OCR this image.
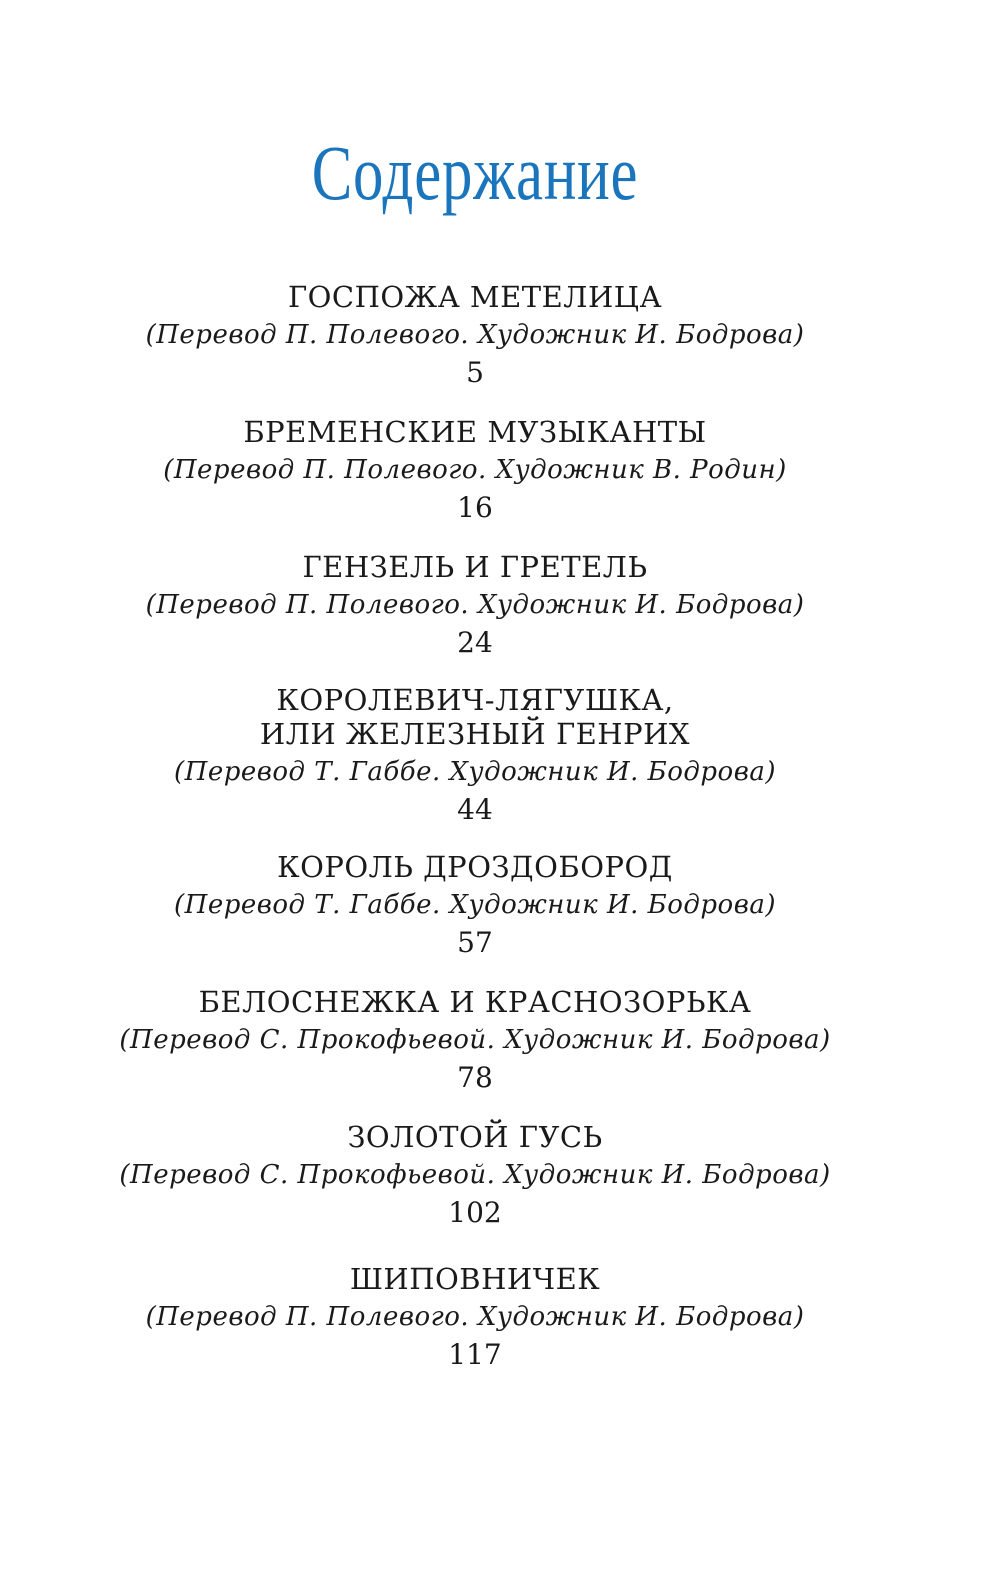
Содержание
ГОСПОЖА МЕТЕЛИЦА
(Перевод П. Полевого. Художник И. Бодрова)
5
БРЕМЕНСКИЕ МУЗЫКАНТЫ
(Перевод П. Полевого. Художник В. Родин)
16
ГЕНЗЕЛЬ И ГРЕТЕЛЬ
(Перевод П. Полевого. Художник И. Бодрова)
24
КОРОЛЕВИЧ-ЛЯГУШКА,
ИЛИ ЖЕЛЕЗНЫЙ ГЕНРИХ
(Перевод Т. Габбе. Художник И. Бодрова)
44
КОРОЛЬ ДРОЗДОБОРОД
(Перевод Т. Габбе. Художник И. Бодрова)
57
БЕЛОСНЕЖКА И КРАСНОЗОРЬКА
(Перевод С. Прокофьевой. Художник И. Бодрова)
78
ЗОЛОТОЙ ГУСЬ
(Перевод С. Прокофьевой. Художник И. Бодрова)
102
ШИПОВНИЧЕК
(Перевод П. Полевого. Художник И. Бодрова)
117
